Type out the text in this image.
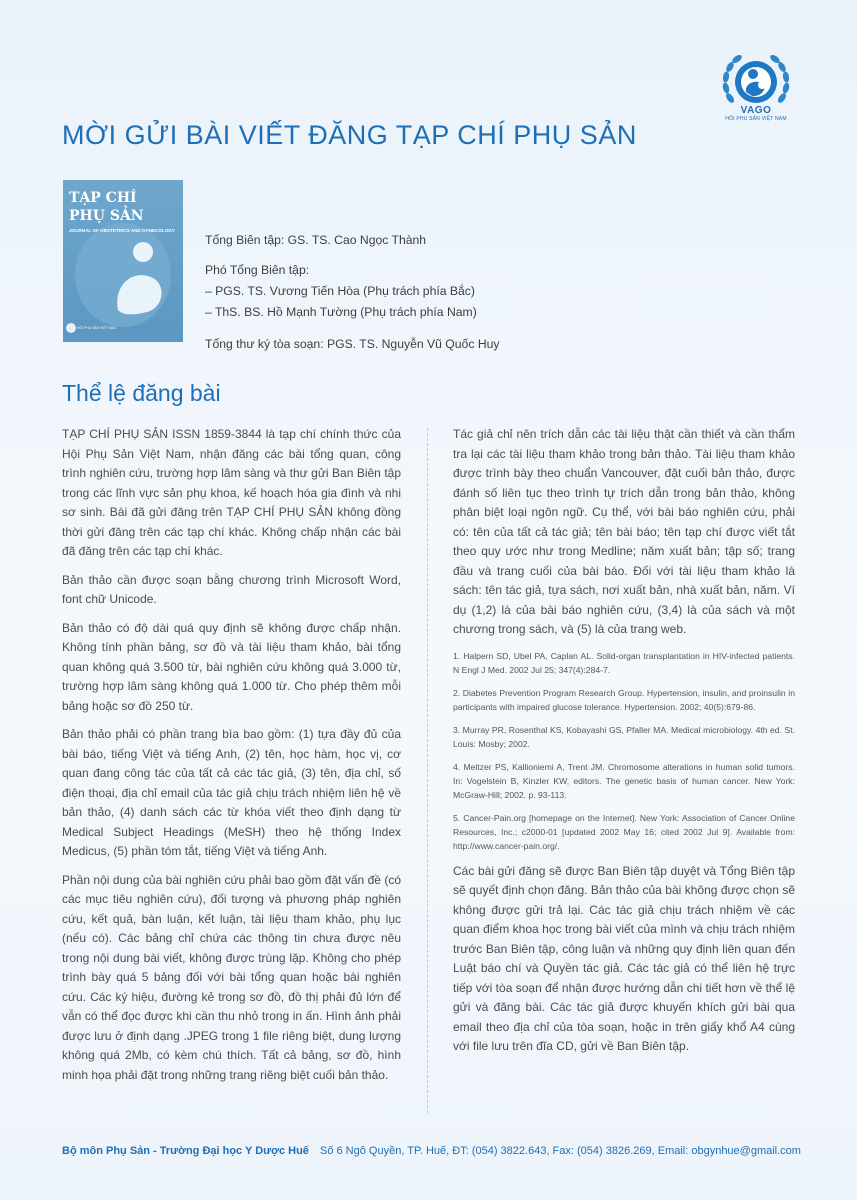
VAGO
HỘI PHỤ SẢN VIỆT NAM
MỜI GỬI BÀI VIẾT ĐĂNG TẠP CHÍ PHỤ SẢN
TẠP CHÍ
PHỤ SẢN
JOURNAL OF OBSTETRICS AND GYNECOLOGY
HỘI PHỤ SẢN VIỆT NAM

Tổng Biên tập: GS. TS. Cao Ngọc Thành

Phó Tổng Biên tập:

– PGS. TS. Vương Tiến Hòa (Phụ trách phía Bắc)

– ThS. BS. Hồ Mạnh Tường (Phụ trách phía Nam)

Tổng thư ký tòa soạn: PGS. TS. Nguyễn Vũ Quốc Huy

Thể lệ đăng bài

TẠP CHÍ PHỤ SẢN ISSN 1859-3844 là tạp chí chính thức của Hội Phụ Sản Việt Nam, nhận đăng các bài tổng quan, công trình nghiên cứu, trường hợp lâm sàng và thư gửi Ban Biên tập trong các lĩnh vực sản phụ khoa, kế hoạch hóa gia đình và nhi sơ sinh. Bài đã gửi đăng trên TẠP CHÍ PHỤ SẢN không đồng thời gửi đăng trên các tạp chí khác. Không chấp nhận các bài đã đăng trên các tạp chí khác.

Bản thảo cần được soạn bằng chương trình Microsoft Word, font chữ Unicode.

Bản thảo có độ dài quá quy định sẽ không được chấp nhận. Không tính phần bảng, sơ đồ và tài liệu tham khảo, bài tổng quan không quá 3.500 từ, bài nghiên cứu không quá 3.000 từ, trường hợp lâm sàng không quá 1.000 từ. Cho phép thêm mỗi bảng hoặc sơ đồ 250 từ.

Bản thảo phải có phần trang bìa bao gồm: (1) tựa đầy đủ của bài báo, tiếng Việt và tiếng Anh, (2) tên, học hàm, học vị, cơ quan đang công tác của tất cả các tác giả, (3) tên, địa chỉ, số điện thoại, địa chỉ email của tác giả chịu trách nhiệm liên hệ về bản thảo, (4) danh sách các từ khóa viết theo định dạng từ Medical Subject Headings (MeSH) theo hệ thống Index Medicus, (5) phần tóm tắt, tiếng Việt và tiếng Anh.

Phần nội dung của bài nghiên cứu phải bao gồm đặt vấn đề (có các mục tiêu nghiên cứu), đối tượng và phương pháp nghiên cứu, kết quả, bàn luận, kết luận, tài liệu tham khảo, phụ lục (nếu có). Các bảng chỉ chứa các thông tin chưa được nêu trong nội dung bài viết, không được trùng lặp. Không cho phép trình bày quá 5 bảng đối với bài tổng quan hoặc bài nghiên cứu. Các ký hiệu, đường kẻ trong sơ đồ, đồ thị phải đủ lớn để vẫn có thể đọc được khi cần thu nhỏ trong in ấn. Hình ảnh phải được lưu ở định dạng .JPEG trong 1 file riêng biệt, dung lượng không quá 2Mb, có kèm chú thích. Tất cả bảng, sơ đồ, hình minh họa phải đặt trong những trang riêng biệt cuối bản thảo.

Tác giả chỉ nên trích dẫn các tài liệu thật cần thiết và cần thẩm tra lại các tài liệu tham khảo trong bản thảo. Tài liệu tham khảo được trình bày theo chuẩn Vancouver, đặt cuối bản thảo, được đánh số liên tục theo trình tự trích dẫn trong bản thảo, không phân biệt loại ngôn ngữ. Cụ thể, với bài báo nghiên cứu, phải có: tên của tất cả tác giả; tên bài báo; tên tạp chí được viết tắt theo quy ước như trong Medline; năm xuất bản; tập số; trang đầu và trang cuối của bài báo. Đối với tài liệu tham khảo là sách: tên tác giả, tựa sách, nơi xuất bản, nhà xuất bản, năm. Ví dụ (1,2) là của bài báo nghiên cứu, (3,4) là của sách và một chương trong sách, và (5) là của trang web.

1. Halpern SD, Ubel PA, Caplan AL. Solid-organ transplantation in HIV-infected patients. N Engl J Med. 2002 Jul 25; 347(4):284-7.
2. Diabetes Prevention Program Research Group. Hypertension, insulin, and proinsulin in participants with impaired glucose tolerance. Hypertension. 2002; 40(5):679-86.
3. Murray PR, Rosenthal KS, Kobayashi GS, Pfaller MA. Medical microbiology. 4th ed. St. Louis: Mosby; 2002.
4. Meltzer PS, Kallioniemi A, Trent JM. Chromosome alterations in human solid tumors. In: Vogelstein B, Kinzler KW, editors. The genetic basis of human cancer. New York: McGraw-Hill; 2002. p. 93-113.
5. Cancer-Pain.org [homepage on the Internet]. New York: Association of Cancer Online Resources, Inc.; c2000-01 [updated 2002 May 16; cited 2002 Jul 9]. Available from: http://www.cancer-pain.org/.

Các bài gửi đăng sẽ được Ban Biên tập duyệt và Tổng Biên tập sẽ quyết định chọn đăng. Bản thảo của bài không được chọn sẽ không được gửi trả lại. Các tác giả chịu trách nhiệm về các quan điểm khoa học trong bài viết của mình và chịu trách nhiệm trước Ban Biên tập, công luận và những quy định liên quan đến Luật báo chí và Quyền tác giả. Các tác giả có thể liên hệ trực tiếp với tòa soạn để nhận được hướng dẫn chi tiết hơn về thể lệ gửi và đăng bài. Các tác giả được khuyến khích gửi bài qua email theo địa chỉ của tòa soạn, hoặc in trên giấy khổ A4 cùng với file lưu trên đĩa CD, gửi về Ban Biên tập.

Bộ môn Phụ Sản - Trường Đại học Y Dược Huế Số 6 Ngô Quyền, TP. Huế, ĐT: (054) 3822.643, Fax: (054) 3826.269, Email: obgynhue@gmail.com
